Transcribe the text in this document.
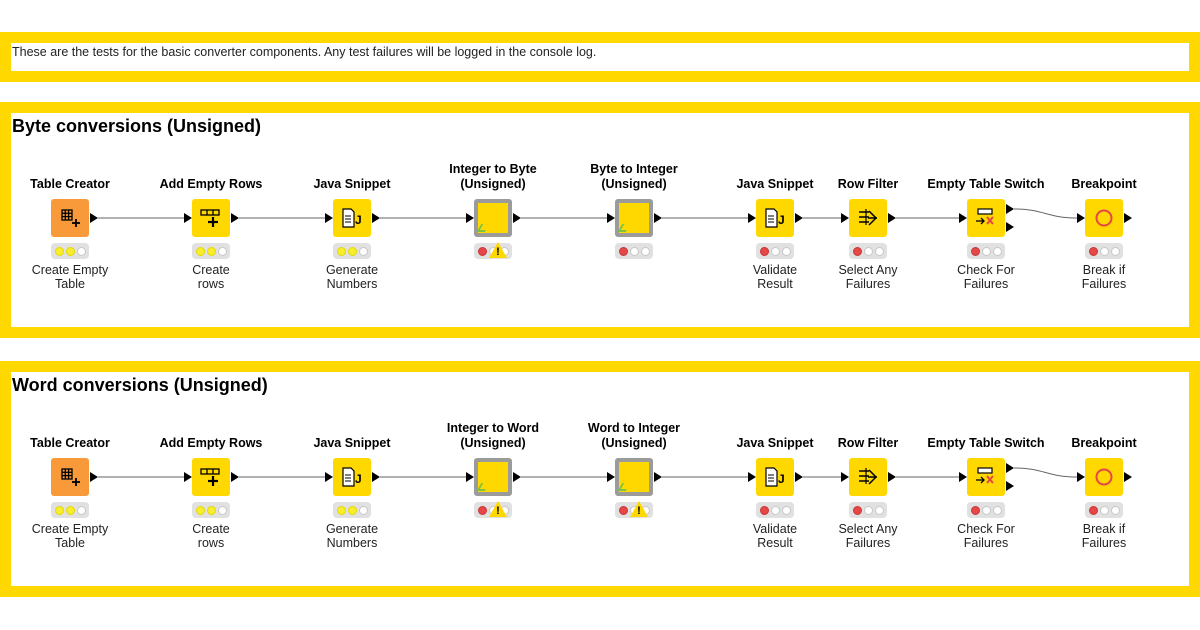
These are the tests for the basic converter components. Any test failures will be logged in the console log.
Byte conversions (Unsigned)
Word conversions (Unsigned)
Table Creator
Create Empty
Table
Add Empty Rows
Create
rows
Java Snippet
J
Generate
Numbers
Integer to Byte
(Unsigned)
!
Byte to Integer
(Unsigned)	Java Snippet
J
Validate
Result
Row Filter
Select Any
Failures
Empty Table Switch
Check For
Failures
Breakpoint
Break if
Failures
Table Creator
Create Empty
Table
Add Empty Rows
Create
rows
Java Snippet
J
Generate
Numbers
Integer to Word
(Unsigned)
!
Word to Integer
(Unsigned)
!
Java Snippet
J
Validate
Result
Row Filter
Select Any
Failures
Empty Table Switch
Check For
Failures
Breakpoint
Break if
Failures
